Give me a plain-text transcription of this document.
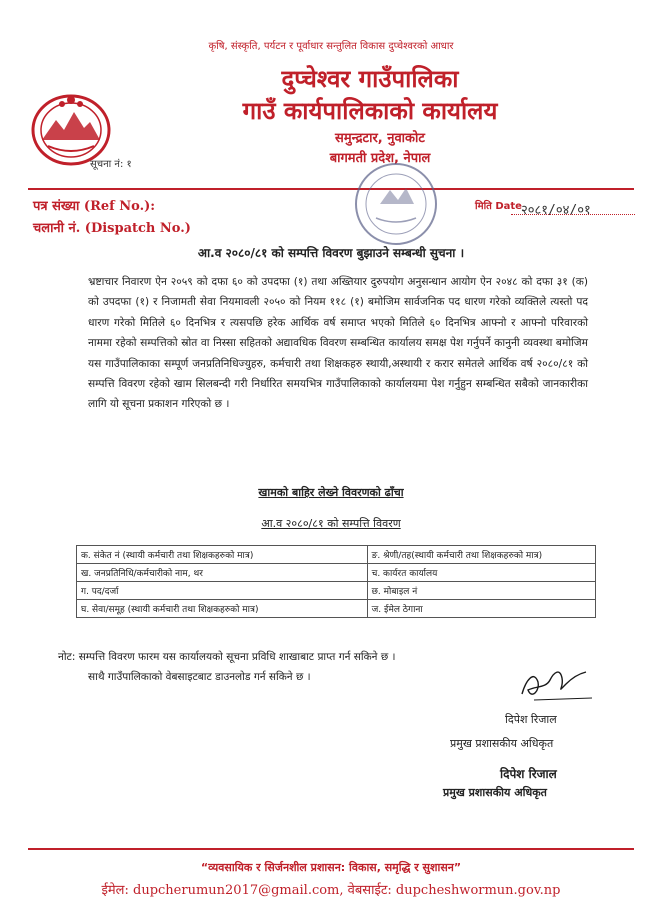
कृषि, संस्कृति, पर्यटन र पूर्वाधार सन्तुलित विकास दुप्चेश्वरको आधार
दुप्चेश्वर गाउँपालिका
गाउँ कार्यपालिकाको कार्यालय
समुन्द्रटार, नुवाकोट
बागमती प्रदेश, नेपाल
सूचना नं: १
पत्र संख्या (Ref No.):
चलानी नं. (Dispatch No.)
मिति Date २०८१/०४/०१
आ.व २०८०/८१ को सम्पत्ति विवरण बुझाउने सम्बन्धी सुचना ।
भ्रष्टाचार निवारण ऐन २०५९ को दफा ६० को उपदफा (१) तथा अख्तियार दुरुपयोग अनुसन्धान आयोग ऐन २०४८ को दफा ३१ (क) को उपदफा (१) र निजामती सेवा नियमावली २०५० को नियम ११८ (१) बमोजिम सार्वजनिक पद धारण गरेको व्यक्तिले त्यस्तो पद धारण गरेको मितिले ६० दिनभित्र र त्यसपछि हरेक आर्थिक वर्ष समाप्त भएको मितिले ६० दिनभित्र आफ्नो र आफ्नो परिवारको नाममा रहेको सम्पत्तिको स्रोत वा निस्सा सहितको अद्यावधिक विवरण सम्बन्धित कार्यालय समक्ष पेश गर्नुपर्ने कानुनी व्यवस्था बमोजिम यस गाउँपालिकाका सम्पूर्ण जनप्रतिनिधिज्युहरु, कर्मचारी तथा शिक्षकहरु स्थायी,अस्थायी र करार समेतले आर्थिक वर्ष २०८०/८१ को सम्पत्ति विवरण रहेको खाम सिलबन्दी गरी निर्धारित समयभित्र गाउँपालिकाको कार्यालयमा पेश गर्नुहुन सम्बन्धित सबैको जानकारीका लागि यो सूचना प्रकाशन गरिएको छ ।
खामको बाहिर लेख्ने विवरणको ढाँचा
आ.व २०८०/८१ को सम्पत्ति विवरण
क. संकेत नं (स्थायी कर्मचारी तथा शिक्षकहरुको मात्र)	ङ. श्रेणी/तह(स्थायी कर्मचारी तथा शिक्षकहरुको मात्र)
ख. जनप्रतिनिधि/कर्मचारीको नाम, थर	च. कार्यरत कार्यालय
ग. पद/दर्जा	छ. मोबाइल नं
घ. सेवा/समूह (स्थायी कर्मचारी तथा शिक्षकहरुको मात्र)	ज. ईमेल ठेगाना
नोट: सम्पत्ति विवरण फारम यस कार्यालयको सूचना प्रविधि शाखाबाट प्राप्त गर्न सकिने छ ।
साथै गाउँपालिकाको वेबसाइटबाट डाउनलोड गर्न सकिने छ ।
दिपेश रिजाल
प्रमुख प्रशासकीय अधिकृत
दिपेश रिजाल
प्रमुख प्रशासकीय अधिकृत
“व्यवसायिक र सिर्जनशील प्रशासन: विकास, समृद्धि र सुशासन”
ईमेल: dupcherumun2017@gmail.com, वेबसाईट: dupcheshwormun.gov.np
